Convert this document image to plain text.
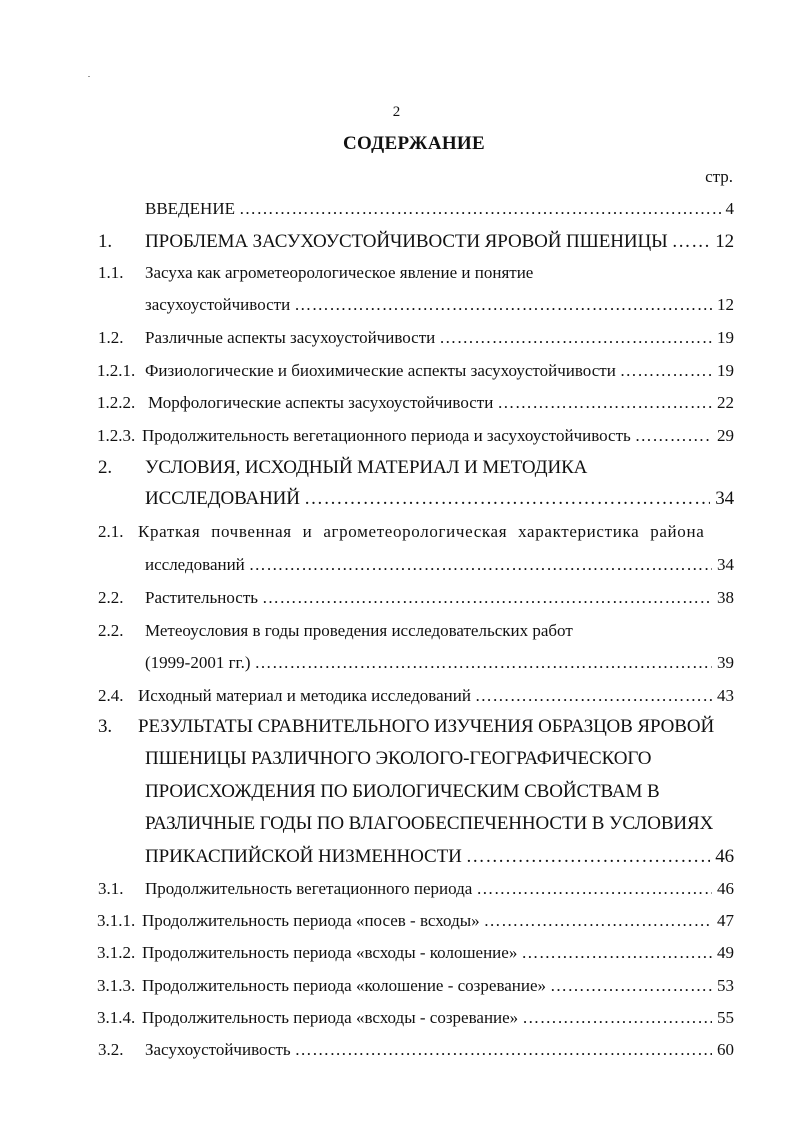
2
СОДЕРЖАНИЕ
стр.
ВВЕДЕНИЕ …………………………………………………………………………………………………………………………………………………………………………………………	4
1. ПРОБЛЕМА ЗАСУХОУСТОЙЧИВОСТИ ЯРОВОЙ ПШЕНИЦЫ …………………………………………………………………………………………………………………………………………………………………………………………	12
1.1. Засуха как агрометеорологическое явление и понятие
засухоустойчивости …………………………………………………………………………………………………………………………………………………………………………………………	12
1.2. Различные аспекты засухоустойчивости …………………………………………………………………………………………………………………………………………………………………………………………	19
1.2.1. Физиологические и биохимические аспекты засухоустойчивости …………………………………………………………………………………………………………………………………………………………………………………………	19
1.2.2. Морфологические аспекты засухоустойчивости …………………………………………………………………………………………………………………………………………………………………………………………	22
1.2.3. Продолжительность вегетационного периода и засухоустойчивость …………………………………………………………………………………………………………………………………………………………………………………………	29
2. УСЛОВИЯ, ИСХОДНЫЙ МАТЕРИАЛ И МЕТОДИКА
ИССЛЕДОВАНИЙ …………………………………………………………………………………………………………………………………………………………………………………………	34
2.1. Краткая почвенная и агрометеорологическая характеристика района
исследований …………………………………………………………………………………………………………………………………………………………………………………………	34
2.2. Растительность …………………………………………………………………………………………………………………………………………………………………………………………	38
2.2. Метеоусловия в годы проведения исследовательских работ
(1999-2001 гг.) …………………………………………………………………………………………………………………………………………………………………………………………	39
2.4. Исходный материал и методика исследований …………………………………………………………………………………………………………………………………………………………………………………………	43
3. РЕЗУЛЬТАТЫ СРАВНИТЕЛЬНОГО ИЗУЧЕНИЯ ОБРАЗЦОВ ЯРОВОЙ
ПШЕНИЦЫ РАЗЛИЧНОГО ЭКОЛОГО-ГЕОГРАФИЧЕСКОГО
ПРОИСХОЖДЕНИЯ ПО БИОЛОГИЧЕСКИМ СВОЙСТВАМ В
РАЗЛИЧНЫЕ ГОДЫ ПО ВЛАГООБЕСПЕЧЕННОСТИ В УСЛОВИЯХ
ПРИКАСПИЙСКОЙ НИЗМЕННОСТИ …………………………………………………………………………………………………………………………………………………………………………………………	46
3.1. Продолжительность вегетационного периода …………………………………………………………………………………………………………………………………………………………………………………………	46
3.1.1. Продолжительность периода «посев - всходы» …………………………………………………………………………………………………………………………………………………………………………………………	47
3.1.2. Продолжительность периода «всходы - колошение» …………………………………………………………………………………………………………………………………………………………………………………………	49
3.1.3. Продолжительность периода «колошение - созревание» …………………………………………………………………………………………………………………………………………………………………………………………	53
3.1.4. Продолжительность периода «всходы - созревание» …………………………………………………………………………………………………………………………………………………………………………………………	55
3.2. Засухоустойчивость …………………………………………………………………………………………………………………………………………………………………………………………	60
